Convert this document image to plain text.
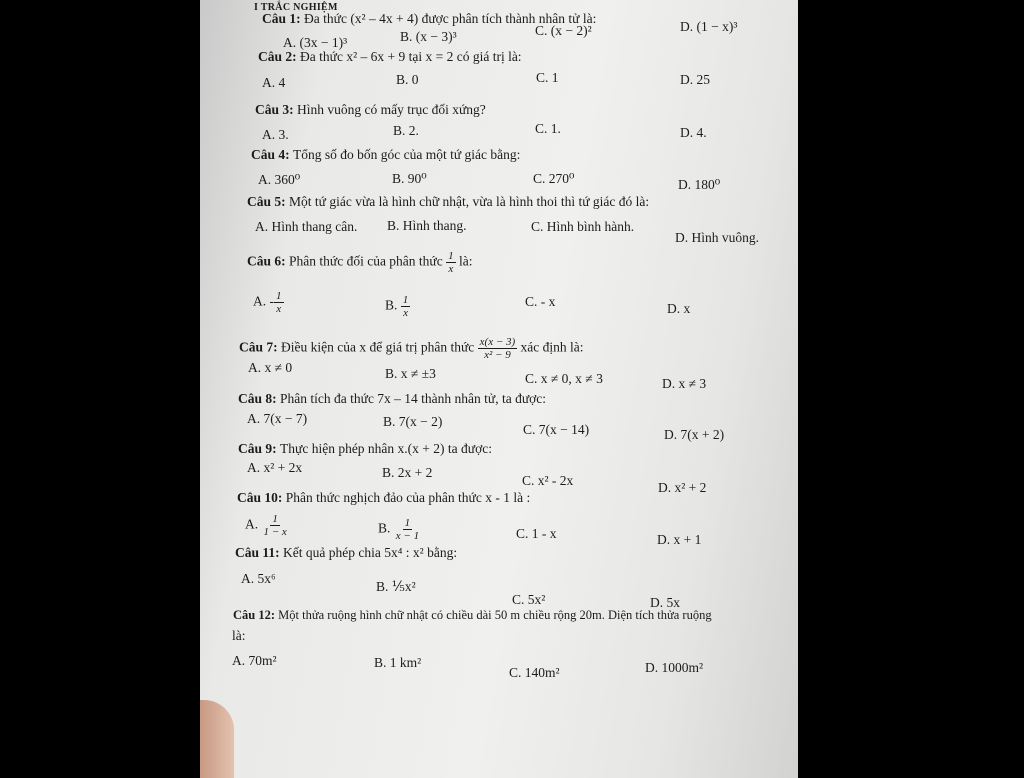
I TRẮC NGHIỆM
Câu 1: Đa thức (x² – 4x + 4) được phân tích thành nhân tử là:
A. (3x − 1)³	B. (x − 3)³	C. (x − 2)²	D. (1 − x)³
Câu 2: Đa thức x² – 6x + 9 tại x = 2 có giá trị là:
A. 4	B. 0	C. 1	D. 25
Câu 3: Hình vuông có mấy trục đối xứng?
A. 3.	B. 2.	C. 1.	D. 4.
Câu 4: Tổng số đo bốn góc của một tứ giác bằng:
A. 360⁰	B. 90⁰	C. 270⁰	D. 180⁰
Câu 5: Một tứ giác vừa là hình chữ nhật, vừa là hình thoi thì tứ giác đó là:
A. Hình thang cân. B. Hình thang.	C. Hình bình hành.
D. Hình vuông.
Câu 6: Phân thức đối của phân thức $\frac{1}{x}$ là:
A. - $\frac{1}{x}$	B. $\frac{1}{x}$	C. - x	D. x
Câu 7: Điều kiện của x để giá trị phân thức $\frac{x(x - 3)}{\text{x² − 9}}$ xác định là:
A. x ≠ 0	B. x ≠ ±3	C. x ≠ 0, x ≠ 3	D. x ≠ 3
Câu 8: Phân tích đa thức 7x – 14 thành nhân tử, ta được:
A. 7(x − 7)	B. 7(x − 2)
C. 7(x − 14)	D. 7(x + 2)
Câu 9: Thực hiện phép nhân x.(x + 2) ta được:
A. x² + 2x	B. 2x + 2
C. x² - 2x	D. x² + 2
Câu 10: Phân thức nghịch đảo của phân thức x - 1 là :
A. $\frac{1}{1 - x}$	B. $\frac{1}{x - 1}$	C. 1 - x	D. x + 1
Câu 11: Kết quả phép chia 5x⁴ : x² bằng:
A. 5x⁶
B. ⅕x²
C. 5x²	D. 5x
Câu 12: Một thửa ruộng hình chữ nhật có chiều dài 50 m chiều rộng 20m. Diện tích thửa ruộng
là:
A. 70m²	B. 1 km²
C. 140m²	D. 1000m²
